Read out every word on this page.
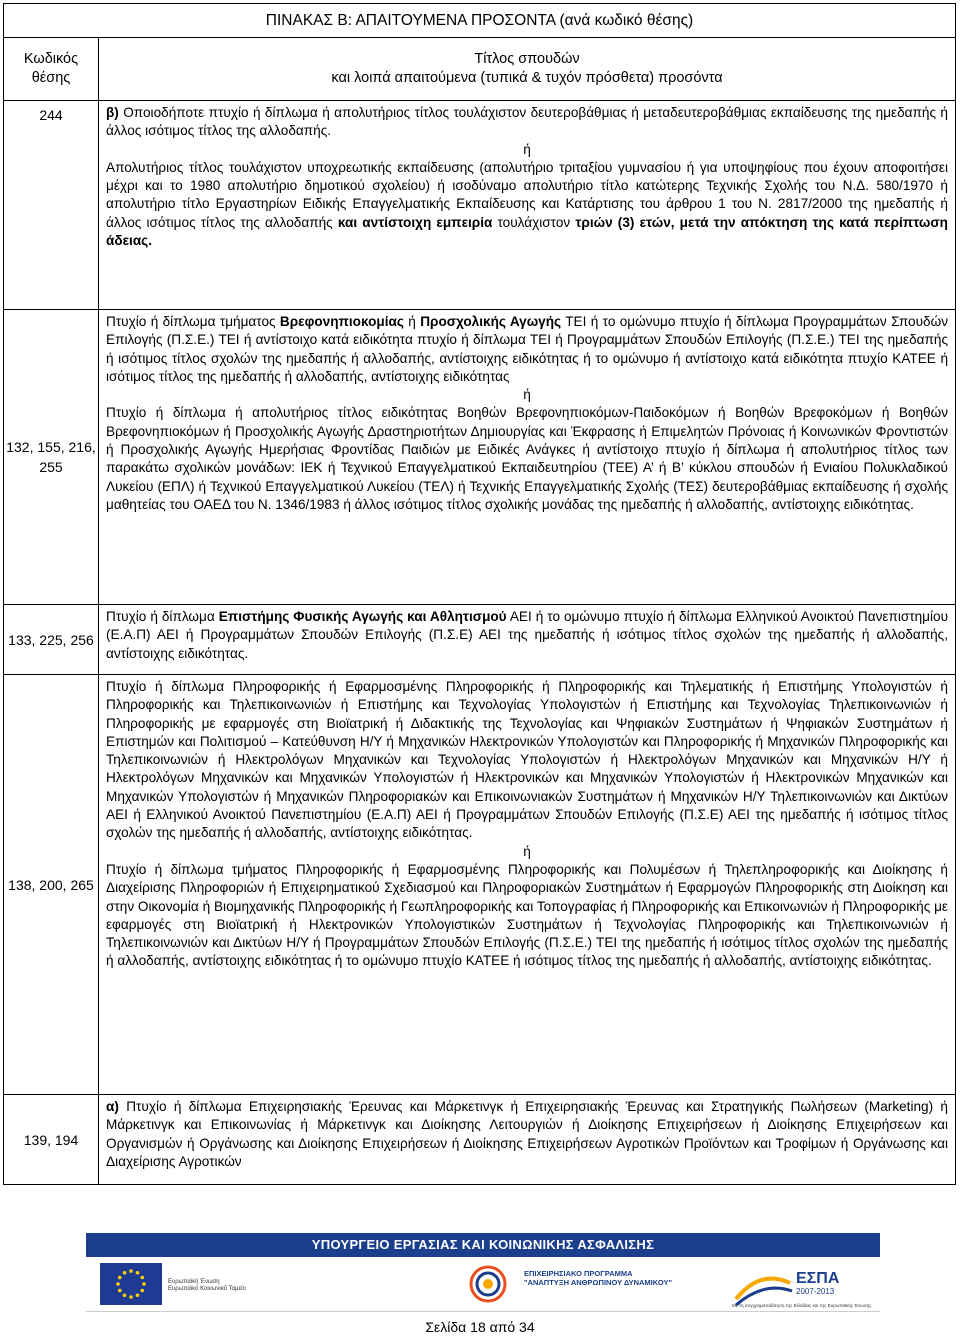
ΠΙΝΑΚΑΣ Β: ΑΠΑΙΤΟΥΜΕΝΑ ΠΡΟΣΟΝΤΑ (ανά κωδικό θέσης)	
Κωδικός
θέσης	Τίτλος σπουδών
και λοιπά απαιτούμενα (τυπικά & τυχόν πρόσθετα) προσόντα
244	β) Οποιοδήποτε πτυχίο ή δίπλωμα ή απολυτήριος τίτλος τουλάχιστον δευτεροβάθμιας ή μεταδευτεροβάθμιας εκπαίδευσης της ημεδαπής ή άλλος ισότιμος τίτλος της αλλοδαπής.

ή

Απολυτήριος τίτλος τουλάχιστον υποχρεωτικής εκπαίδευσης (απολυτήριο τριταξίου γυμνασίου ή για υποψηφίους που έχουν αποφοιτήσει μέχρι και το 1980 απολυτήριο δημοτικού σχολείου) ή ισοδύναμο απολυτήριο τίτλο κατώτερης Τεχνικής Σχολής του Ν.Δ. 580/1970 ή απολυτήριο τίτλο Εργαστηρίων Ειδικής Επαγγελματικής Εκπαίδευσης και Κατάρτισης του άρθρου 1 του Ν. 2817/2000 της ημεδαπής ή άλλος ισότιμος τίτλος της αλλοδαπής και αντίστοιχη εμπειρία τουλάχιστον τριών (3) ετών, μετά την απόκτηση της κατά περίπτωση άδειας.

132, 155, 216, 255	Πτυχίο ή δίπλωμα τμήματος Βρεφονηπιοκομίας ή Προσχολικής Αγωγής ΤΕΙ ή το ομώνυμο πτυχίο ή δίπλωμα Προγραμμάτων Σπουδών Επιλογής (Π.Σ.Ε.) ΤΕΙ ή αντίστοιχο κατά ειδικότητα πτυχίο ή δίπλωμα ΤΕΙ ή Προγραμμάτων Σπουδών Επιλογής (Π.Σ.Ε.) ΤΕΙ της ημεδαπής ή ισότιμος τίτλος σχολών της ημεδαπής ή αλλοδαπής, αντίστοιχης ειδικότητας ή το ομώνυμο ή αντίστοιχο κατά ειδικότητα πτυχίο ΚΑΤΕΕ ή ισότιμος τίτλος της ημεδαπής ή αλλοδαπής, αντίστοιχης ειδικότητας

ή

Πτυχίο ή δίπλωμα ή απολυτήριος τίτλος ειδικότητας Βοηθών Βρεφονηπιοκόμων-Παιδοκόμων ή Βοηθών Βρεφοκόμων ή Βοηθών Βρεφονηπιοκόμων ή Προσχολικής Αγωγής Δραστηριοτήτων Δημιουργίας και Έκφρασης ή Επιμελητών Πρόνοιας ή Κοινωνικών Φροντιστών ή Προσχολικής Αγωγής Ημερήσιας Φροντίδας Παιδιών με Ειδικές Ανάγκες ή αντίστοιχο πτυχίο ή δίπλωμα ή απολυτήριος τίτλος των παρακάτω σχολικών μονάδων: ΙΕΚ ή Τεχνικού Επαγγελματικού Εκπαιδευτηρίου (ΤΕΕ) Α’ ή Β’ κύκλου σπουδών ή Ενιαίου Πολυκλαδικού Λυκείου (ΕΠΛ) ή Τεχνικού Επαγγελματικού Λυκείου (ΤΕΛ) ή Τεχνικής Επαγγελματικής Σχολής (ΤΕΣ) δευτεροβάθμιας εκπαίδευσης ή σχολής μαθητείας του ΟΑΕΔ του Ν. 1346/1983 ή άλλος ισότιμος τίτλος σχολικής μονάδας της ημεδαπής ή αλλοδαπής, αντίστοιχης ειδικότητας.

133, 225, 256	Πτυχίο ή δίπλωμα Επιστήμης Φυσικής Αγωγής και Αθλητισμού ΑΕΙ ή το ομώνυμο πτυχίο ή δίπλωμα Ελληνικού Ανοικτού Πανεπιστημίου (Ε.Α.Π) ΑΕΙ ή Προγραμμάτων Σπουδών Επιλογής (Π.Σ.Ε) ΑΕΙ της ημεδαπής ή ισότιμος τίτλος σχολών της ημεδαπής ή αλλοδαπής, αντίστοιχης ειδικότητας.

138, 200, 265	Πτυχίο ή δίπλωμα Πληροφορικής ή Εφαρμοσμένης Πληροφορικής ή Πληροφορικής και Τηλεματικής ή Επιστήμης Υπολογιστών ή Πληροφορικής και Τηλεπικοινωνιών ή Επιστήμης και Τεχνολογίας Υπολογιστών ή Επιστήμης και Τεχνολογίας Τηλεπικοινωνιών ή Πληροφορικής με εφαρμογές στη Βιοϊατρική ή Διδακτικής της Τεχνολογίας και Ψηφιακών Συστημάτων ή Ψηφιακών Συστημάτων ή Επιστημών και Πολιτισμού – Κατεύθυνση Η/Υ ή Μηχανικών Ηλεκτρονικών Υπολογιστών και Πληροφορικής ή Μηχανικών Πληροφορικής και Τηλεπικοινωνιών ή Ηλεκτρολόγων Μηχανικών και Τεχνολογίας Υπολογιστών ή Ηλεκτρολόγων Μηχανικών και Μηχανικών Η/Υ ή Ηλεκτρολόγων Μηχανικών και Μηχανικών Υπολογιστών ή Ηλεκτρονικών και Μηχανικών Υπολογιστών ή Ηλεκτρονικών Μηχανικών και Μηχανικών Υπολογιστών ή Μηχανικών Πληροφοριακών και Επικοινωνιακών Συστημάτων ή Μηχανικών Η/Υ Τηλεπικοινωνιών και Δικτύων ΑΕΙ ή Ελληνικού Ανοικτού Πανεπιστημίου (Ε.Α.Π) ΑΕΙ ή Προγραμμάτων Σπουδών Επιλογής (Π.Σ.Ε) ΑΕΙ της ημεδαπής ή ισότιμος τίτλος σχολών της ημεδαπής ή αλλοδαπής, αντίστοιχης ειδικότητας.

ή

Πτυχίο ή δίπλωμα τμήματος Πληροφορικής ή Εφαρμοσμένης Πληροφορικής και Πολυμέσων ή Τηλεπληροφορικής και Διοίκησης ή Διαχείρισης Πληροφοριών ή Επιχειρηματικού Σχεδιασμού και Πληροφοριακών Συστημάτων ή Εφαρμογών Πληροφορικής στη Διοίκηση και στην Οικονομία ή Βιομηχανικής Πληροφορικής ή Γεωπληροφορικής και Τοπογραφίας ή Πληροφορικής και Επικοινωνιών ή Πληροφορικής με εφαρμογές στη Βιοϊατρική ή Ηλεκτρονικών Υπολογιστικών Συστημάτων ή Τεχνολογίας Πληροφορικής και Τηλεπικοινωνιών ή Τηλεπικοινωνιών και Δικτύων Η/Υ ή Προγραμμάτων Σπουδών Επιλογής (Π.Σ.Ε.) ΤΕΙ της ημεδαπής ή ισότιμος τίτλος σχολών της ημεδαπής ή αλλοδαπής, αντίστοιχης ειδικότητας ή το ομώνυμο πτυχίο ΚΑΤΕΕ ή ισότιμος τίτλος της ημεδαπής ή αλλοδαπής, αντίστοιχης ειδικότητας.

139, 194	α) Πτυχίο ή δίπλωμα Επιχειρησιακής Έρευνας και Μάρκετινγκ ή Επιχειρησιακής Έρευνας και Στρατηγικής Πωλήσεων (Marketing) ή Μάρκετινγκ και Επικοινωνίας ή Μάρκετινγκ και Διοίκησης Λειτουργιών ή Διοίκησης Επιχειρήσεων ή Διοίκησης Επιχειρήσεων και Οργανισμών ή Οργάνωσης και Διοίκησης Επιχειρήσεων ή Διοίκησης Επιχειρήσεων Αγροτικών Προϊόντων και Τροφίμων ή Οργάνωσης και Διαχείρισης Αγροτικών

ΥΠΟΥΡΓΕΙΟ ΕΡΓΑΣΙΑΣ ΚΑΙ ΚΟΙΝΩΝΙΚΗΣ ΑΣΦΑΛΙΣΗΣ
Ευρωπαϊκή Ένωση Ευρωπαϊκό Κοινωνικό Ταμείο
ΕΠΙΧΕΙΡΗΣΙΑΚΟ ΠΡΟΓΡΑΜΜΑ
"ΑΝΑΠΤΥΞΗ ΑΝΘΡΩΠΙΝΟΥ ΔΥΝΑΜΙΚΟΥ"	ΕΣΠΑ
2007-2013
Με τη συγχρηματοδότηση της Ελλάδας και της Ευρωπαϊκής Ένωσης
Σελίδα 18 από 34
